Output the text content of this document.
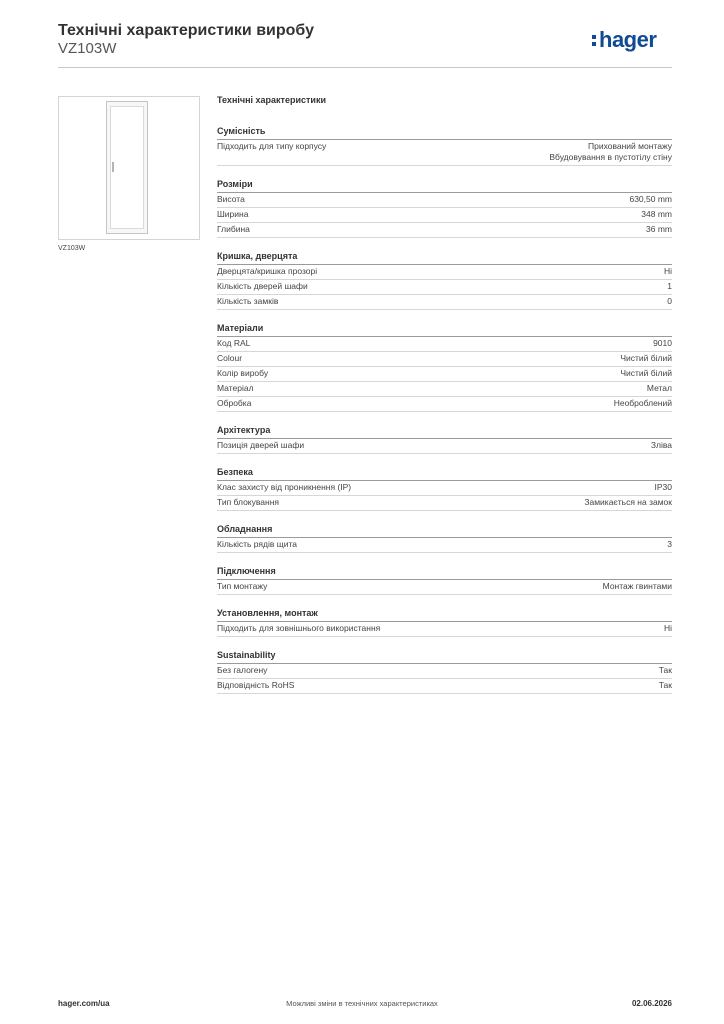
Технічні характеристики виробу
VZ103W	hager
VZ103W
Технічні характеристики
Сумісність
Підходить для типу корпусу	Прихований монтажу
Вбудовування в пустотілу стіну
Розміри
Висота	630,50 mm
Ширина	348 mm
Глибина	36 mm
Кришка, дверцята
Дверцята/кришка прозорі	Ні
Кількість дверей шафи	1
Кількість замків	0
Матеріали
Код RAL	9010
Colour	Чистий білий
Колір виробу	Чистий білий
Матеріал	Метал
Обробка	Необроблений
Архітектура
Позиція дверей шафи	Зліва
Безпека
Клас захисту від проникнення (IP)	IP30
Тип блокування	Замикається на замок
Обладнання
Кількість рядів щита	3
Підключення
Тип монтажу	Монтаж гвинтами
Установлення, монтаж
Підходить для зовнішнього використання	Ні
Sustainability
Без галогену	Так
Відповідність RoHS	Так
hager.com/ua	Можливі зміни в технічних характеристиках	02.06.2026
